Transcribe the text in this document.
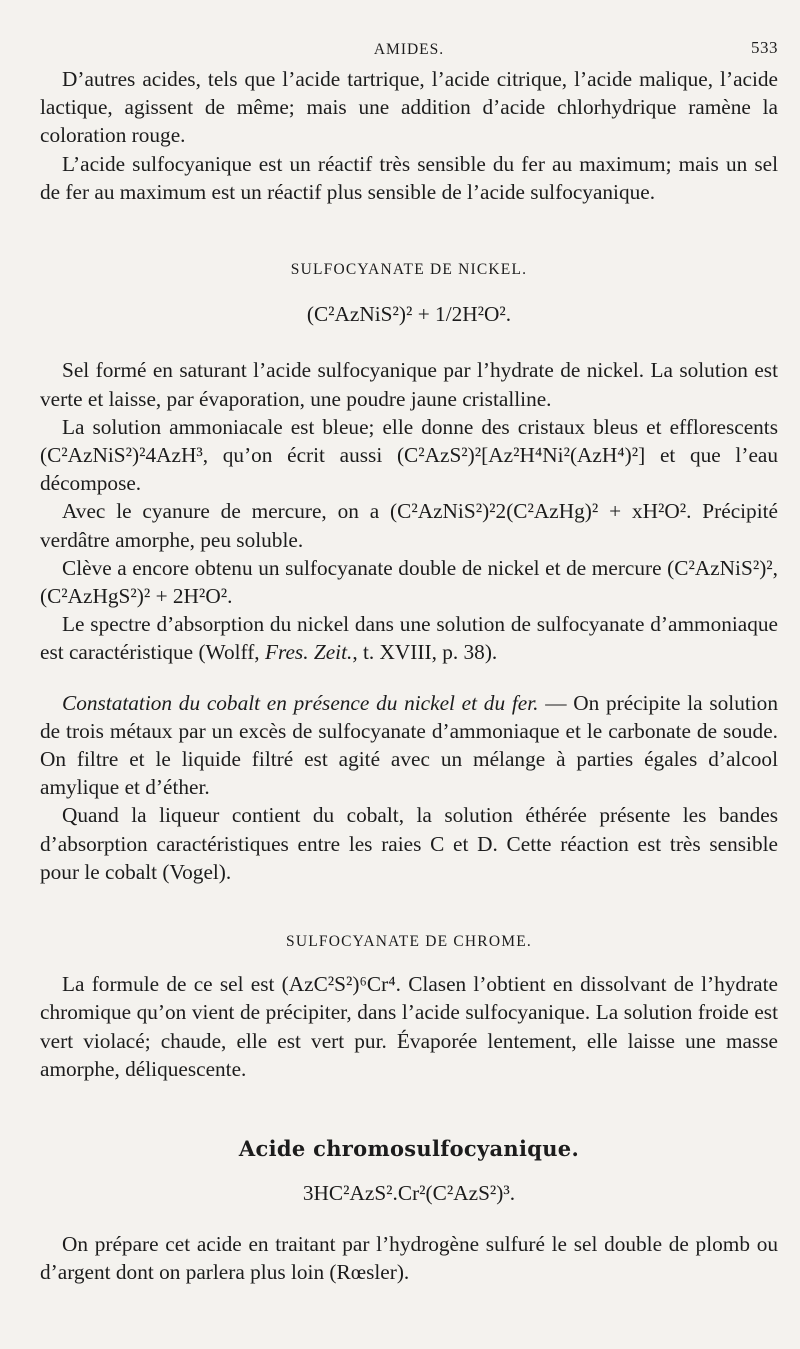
AMIDES.	533

D’autres acides, tels que l’acide tartrique, l’acide citrique, l’acide malique, l’acide lactique, agissent de même; mais une addition d’acide chlorhydrique ramène la coloration rouge.

L’acide sulfocyanique est un réactif très sensible du fer au maximum; mais un sel de fer au maximum est un réactif plus sensible de l’acide sulfocyanique.

SULFOCYANATE DE NICKEL.
(C²AzNiS²)² + 1/2H²O².

Sel formé en saturant l’acide sulfocyanique par l’hydrate de nickel. La solution est verte et laisse, par évaporation, une poudre jaune cristalline.

La solution ammoniacale est bleue; elle donne des cristaux bleus et efflorescents (C²AzNiS²)²4AzH³, qu’on écrit aussi (C²AzS²)²[Az²H⁴Ni²(AzH⁴)²] et que l’eau décompose.

Avec le cyanure de mercure, on a (C²AzNiS²)²2(C²AzHg)² + xH²O². Précipité verdâtre amorphe, peu soluble.

Clève a encore obtenu un sulfocyanate double de nickel et de mercure (C²AzNiS²)²,(C²AzHgS²)² + 2H²O².

Le spectre d’absorption du nickel dans une solution de sulfocyanate d’ammoniaque est caractéristique (Wolff, Fres. Zeit., t. XVIII, p. 38).

Constatation du cobalt en présence du nickel et du fer. — On précipite la solution de trois métaux par un excès de sulfocyanate d’ammoniaque et le carbonate de soude. On filtre et le liquide filtré est agité avec un mélange à parties égales d’alcool amylique et d’éther.

Quand la liqueur contient du cobalt, la solution éthérée présente les bandes d’absorption caractéristiques entre les raies C et D. Cette réaction est très sensible pour le cobalt (Vogel).

SULFOCYANATE DE CHROME.

La formule de ce sel est (AzC²S²)⁶Cr⁴. Clasen l’obtient en dissolvant de l’hydrate chromique qu’on vient de précipiter, dans l’acide sulfocyanique. La solution froide est vert violacé; chaude, elle est vert pur. Évaporée lentement, elle laisse une masse amorphe, déliquescente.

Acide chromosulfocyanique.
3HC²AzS².Cr²(C²AzS²)³.

On prépare cet acide en traitant par l’hydrogène sulfuré le sel double de plomb ou d’argent dont on parlera plus loin (Rœsler).
